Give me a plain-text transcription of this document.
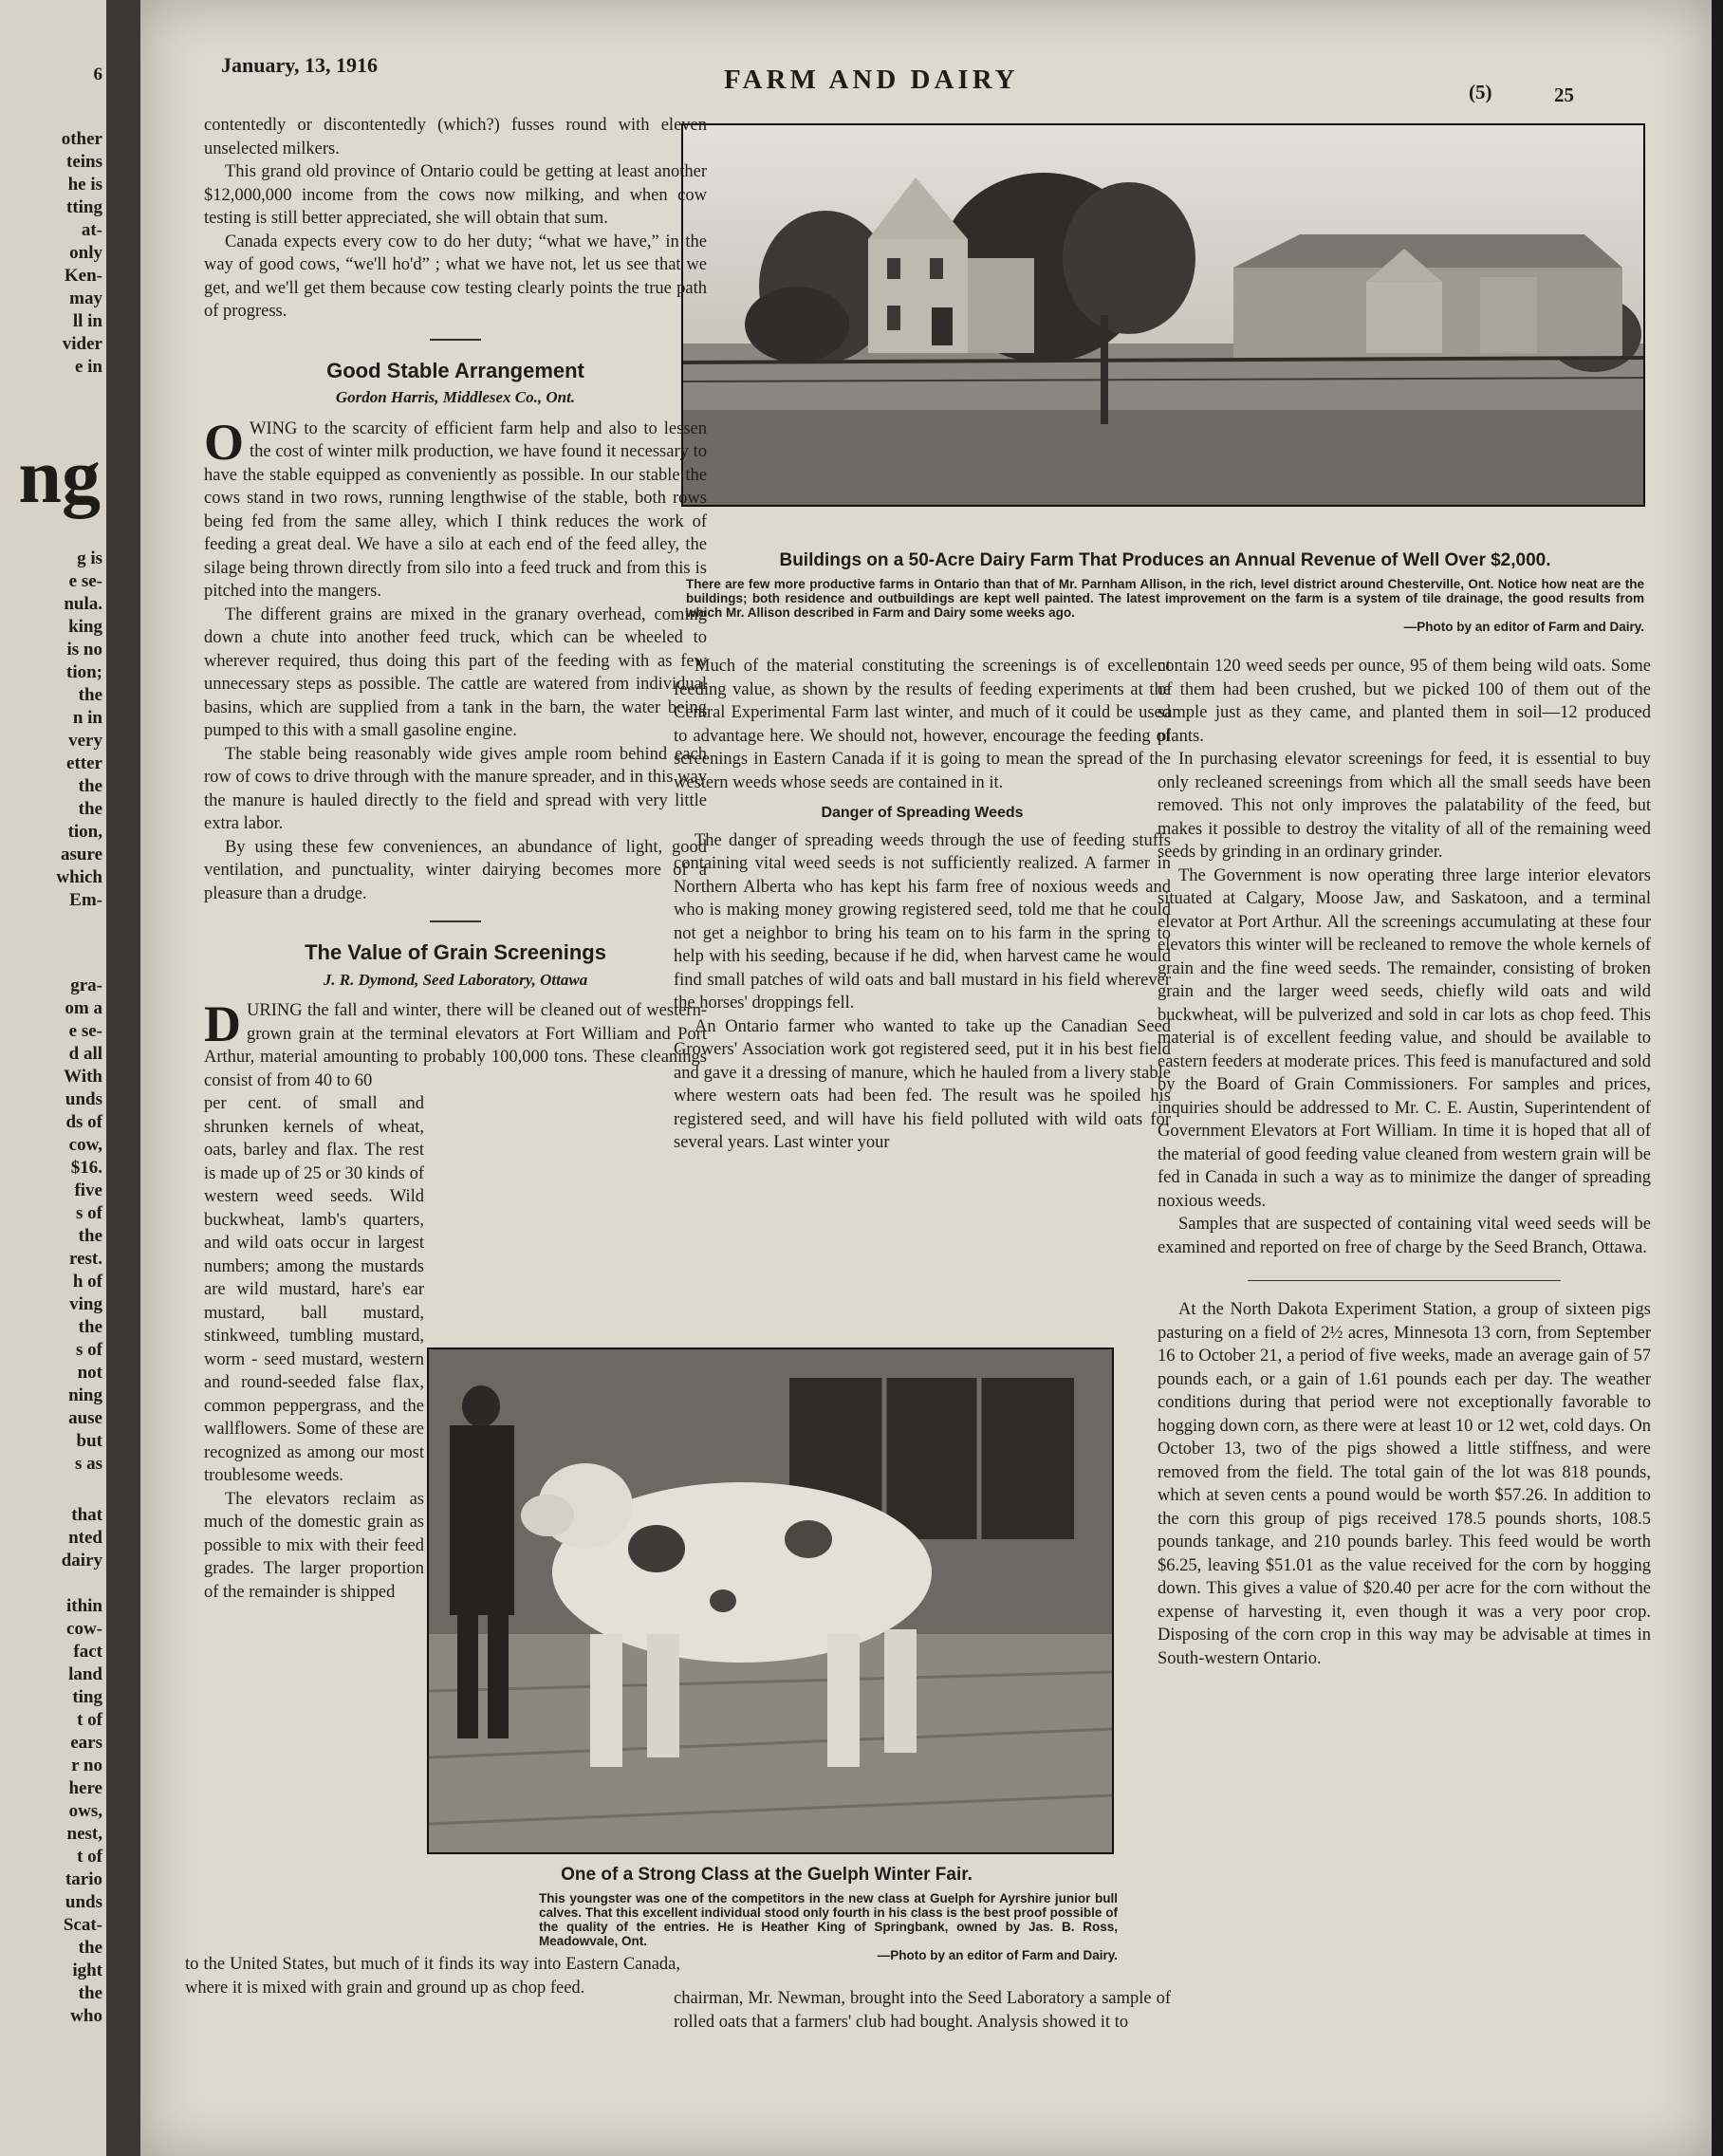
ng
6
other
teins
he is
tting
at-
only
Ken-
may
ll in
vider
e in
g is
e se-
nula.
king
is no
tion;
the
n in
very
etter
the
the
tion,
asure
which
Em-
gra-
om a
e se-
d all
With
unds
ds of
cow,
$16.
five
s of
the
rest.
h of
ving
the
s of
not
ning
ause
but
s as
that
nted
dairy
ithin
cow-
fact
land
ting
t of
ears
r no
here
ows,
nest,
t of
tario
unds
Scat-
the
ight
the
who
January, 13, 1916	FARM AND DAIRY	(5)	25
Buildings on a 50-Acre Dairy Farm That Produces an Annual Revenue of Well Over $2,000.
There are few more productive farms in Ontario than that of Mr. Parnham Allison, in the rich, level district around Chesterville, Ont. Notice how neat are the buildings; both residence and outbuildings are kept well painted. The latest improvement on the farm is a system of tile drainage, the good results from which Mr. Allison described in Farm and Dairy some weeks ago.
—Photo by an editor of Farm and Dairy.

contentedly or discontentedly (which?) fusses round with eleven unselected milkers.

This grand old province of Ontario could be getting at least another $12,000,000 income from the cows now milking, and when cow testing is still better appreciated, she will obtain that sum.

Canada expects every cow to do her duty; “what we have,” in the way of good cows, “we'll ho'd” ; what we have not, let us see that we get, and we'll get them because cow testing clearly points the true path of progress.

Good Stable Arrangement
Gordon Harris, Middlesex Co., Ont.

OWING to the scarcity of efficient farm help and also to lessen the cost of winter milk production, we have found it necessary to have the stable equipped as conveniently as possible. In our stable the cows stand in two rows, running lengthwise of the stable, both rows being fed from the same alley, which I think reduces the work of feeding a great deal. We have a silo at each end of the feed alley, the silage being thrown directly from silo into a feed truck and from this is pitched into the mangers.

The different grains are mixed in the granary overhead, coming down a chute into another feed truck, which can be wheeled to wherever required, thus doing this part of the feeding with as few unnecessary steps as possible. The cattle are watered from individual basins, which are supplied from a tank in the barn, the water being pumped to this with a small gasoline engine.

The stable being reasonably wide gives ample room behind each row of cows to drive through with the manure spreader, and in this way the manure is hauled directly to the field and spread with very little extra labor.

By using these few conveniences, an abundance of light, good ventilation, and punctuality, winter dairying becomes more of a pleasure than a drudge.

The Value of Grain Screenings
J. R. Dymond, Seed Laboratory, Ottawa

DURING the fall and winter, there will be cleaned out of western-grown grain at the terminal elevators at Fort William and Port Arthur, material amounting to probably 100,000 tons. These cleanings consist of from 40 to 60

per cent. of small and shrunken kernels of wheat, oats, barley and flax. The rest is made up of 25 or 30 kinds of western weed seeds. Wild buckwheat, lamb's quarters, and wild oats occur in largest numbers; among the mustards are wild mustard, hare's ear mustard, ball mustard, stinkweed, tumbling mustard, worm - seed mustard, western and round-seeded false flax, common peppergrass, and the wallflowers. Some of these are recognized as among our most troublesome weeds.

The elevators reclaim as much of the domestic grain as possible to mix with their feed grades. The larger proportion of the remainder is shipped

to the United States, but much of it finds its way into Eastern Canada, where it is mixed with grain and ground up as chop feed.

Much of the material constituting the screenings is of excellent feeding value, as shown by the results of feeding experiments at the Central Experimental Farm last winter, and much of it could be used to advantage here. We should not, however, encourage the feeding of screenings in Eastern Canada if it is going to mean the spread of the western weeds whose seeds are contained in it.

Danger of Spreading Weeds

The danger of spreading weeds through the use of feeding stuffs containing vital weed seeds is not sufficiently realized. A farmer in Northern Alberta who has kept his farm free of noxious weeds and who is making money growing registered seed, told me that he could not get a neighbor to bring his team on to his farm in the spring to help with his seeding, because if he did, when harvest came he would find small patches of wild oats and ball mustard in his field wherever the horses' droppings fell.

An Ontario farmer who wanted to take up the Canadian Seed Growers' Association work got registered seed, put it in his best field and gave it a dressing of manure, which he hauled from a livery stable where western oats had been fed. The result was he spoiled his registered seed, and will have his field polluted with wild oats for several years. Last winter your

chairman, Mr. Newman, brought into the Seed Laboratory a sample of rolled oats that a farmers' club had bought. Analysis showed it to

contain 120 weed seeds per ounce, 95 of them being wild oats. Some of them had been crushed, but we picked 100 of them out of the sample just as they came, and planted them in soil—12 produced plants.

In purchasing elevator screenings for feed, it is essential to buy only recleaned screenings from which all the small seeds have been removed. This not only improves the palatability of the feed, but makes it possible to destroy the vitality of all of the remaining weed seeds by grinding in an ordinary grinder.

The Government is now operating three large interior elevators situated at Calgary, Moose Jaw, and Saskatoon, and a terminal elevator at Port Arthur. All the screenings accumulating at these four elevators this winter will be recleaned to remove the whole kernels of grain and the fine weed seeds. The remainder, consisting of broken grain and the larger weed seeds, chiefly wild oats and wild buckwheat, will be pulverized and sold in car lots as chop feed. This material is of excellent feeding value, and should be available to eastern feeders at moderate prices. This feed is manufactured and sold by the Board of Grain Commissioners. For samples and prices, inquiries should be addressed to Mr. C. E. Austin, Superintendent of Government Elevators at Fort William. In time it is hoped that all of the material of good feeding value cleaned from western grain will be fed in Canada in such a way as to minimize the danger of spreading noxious weeds.

Samples that are suspected of containing vital weed seeds will be examined and reported on free of charge by the Seed Branch, Ottawa.

At the North Dakota Experiment Station, a group of sixteen pigs pasturing on a field of 2½ acres, Minnesota 13 corn, from September 16 to October 21, a period of five weeks, made an average gain of 57 pounds each, or a gain of 1.61 pounds each per day. The weather conditions during that period were not exceptionally favorable to hogging down corn, as there were at least 10 or 12 wet, cold days. On October 13, two of the pigs showed a little stiffness, and were removed from the field. The total gain of the lot was 818 pounds, which at seven cents a pound would be worth $57.26. In addition to the corn this group of pigs received 178.5 pounds shorts, 108.5 pounds tankage, and 210 pounds barley. This feed would be worth $6.25, leaving $51.01 as the value received for the corn by hogging down. This gives a value of $20.40 per acre for the corn without the expense of harvesting it, even though it was a very poor crop. Disposing of the corn crop in this way may be advisable at times in South-western Ontario.

One of a Strong Class at the Guelph Winter Fair.
This youngster was one of the competitors in the new class at Guelph for Ayrshire junior bull calves. That this excellent individual stood only fourth in his class is the best proof possible of the quality of the entries. He is Heather King of Springbank, owned by Jas. B. Ross, Meadowvale, Ont.
—Photo by an editor of Farm and Dairy.
